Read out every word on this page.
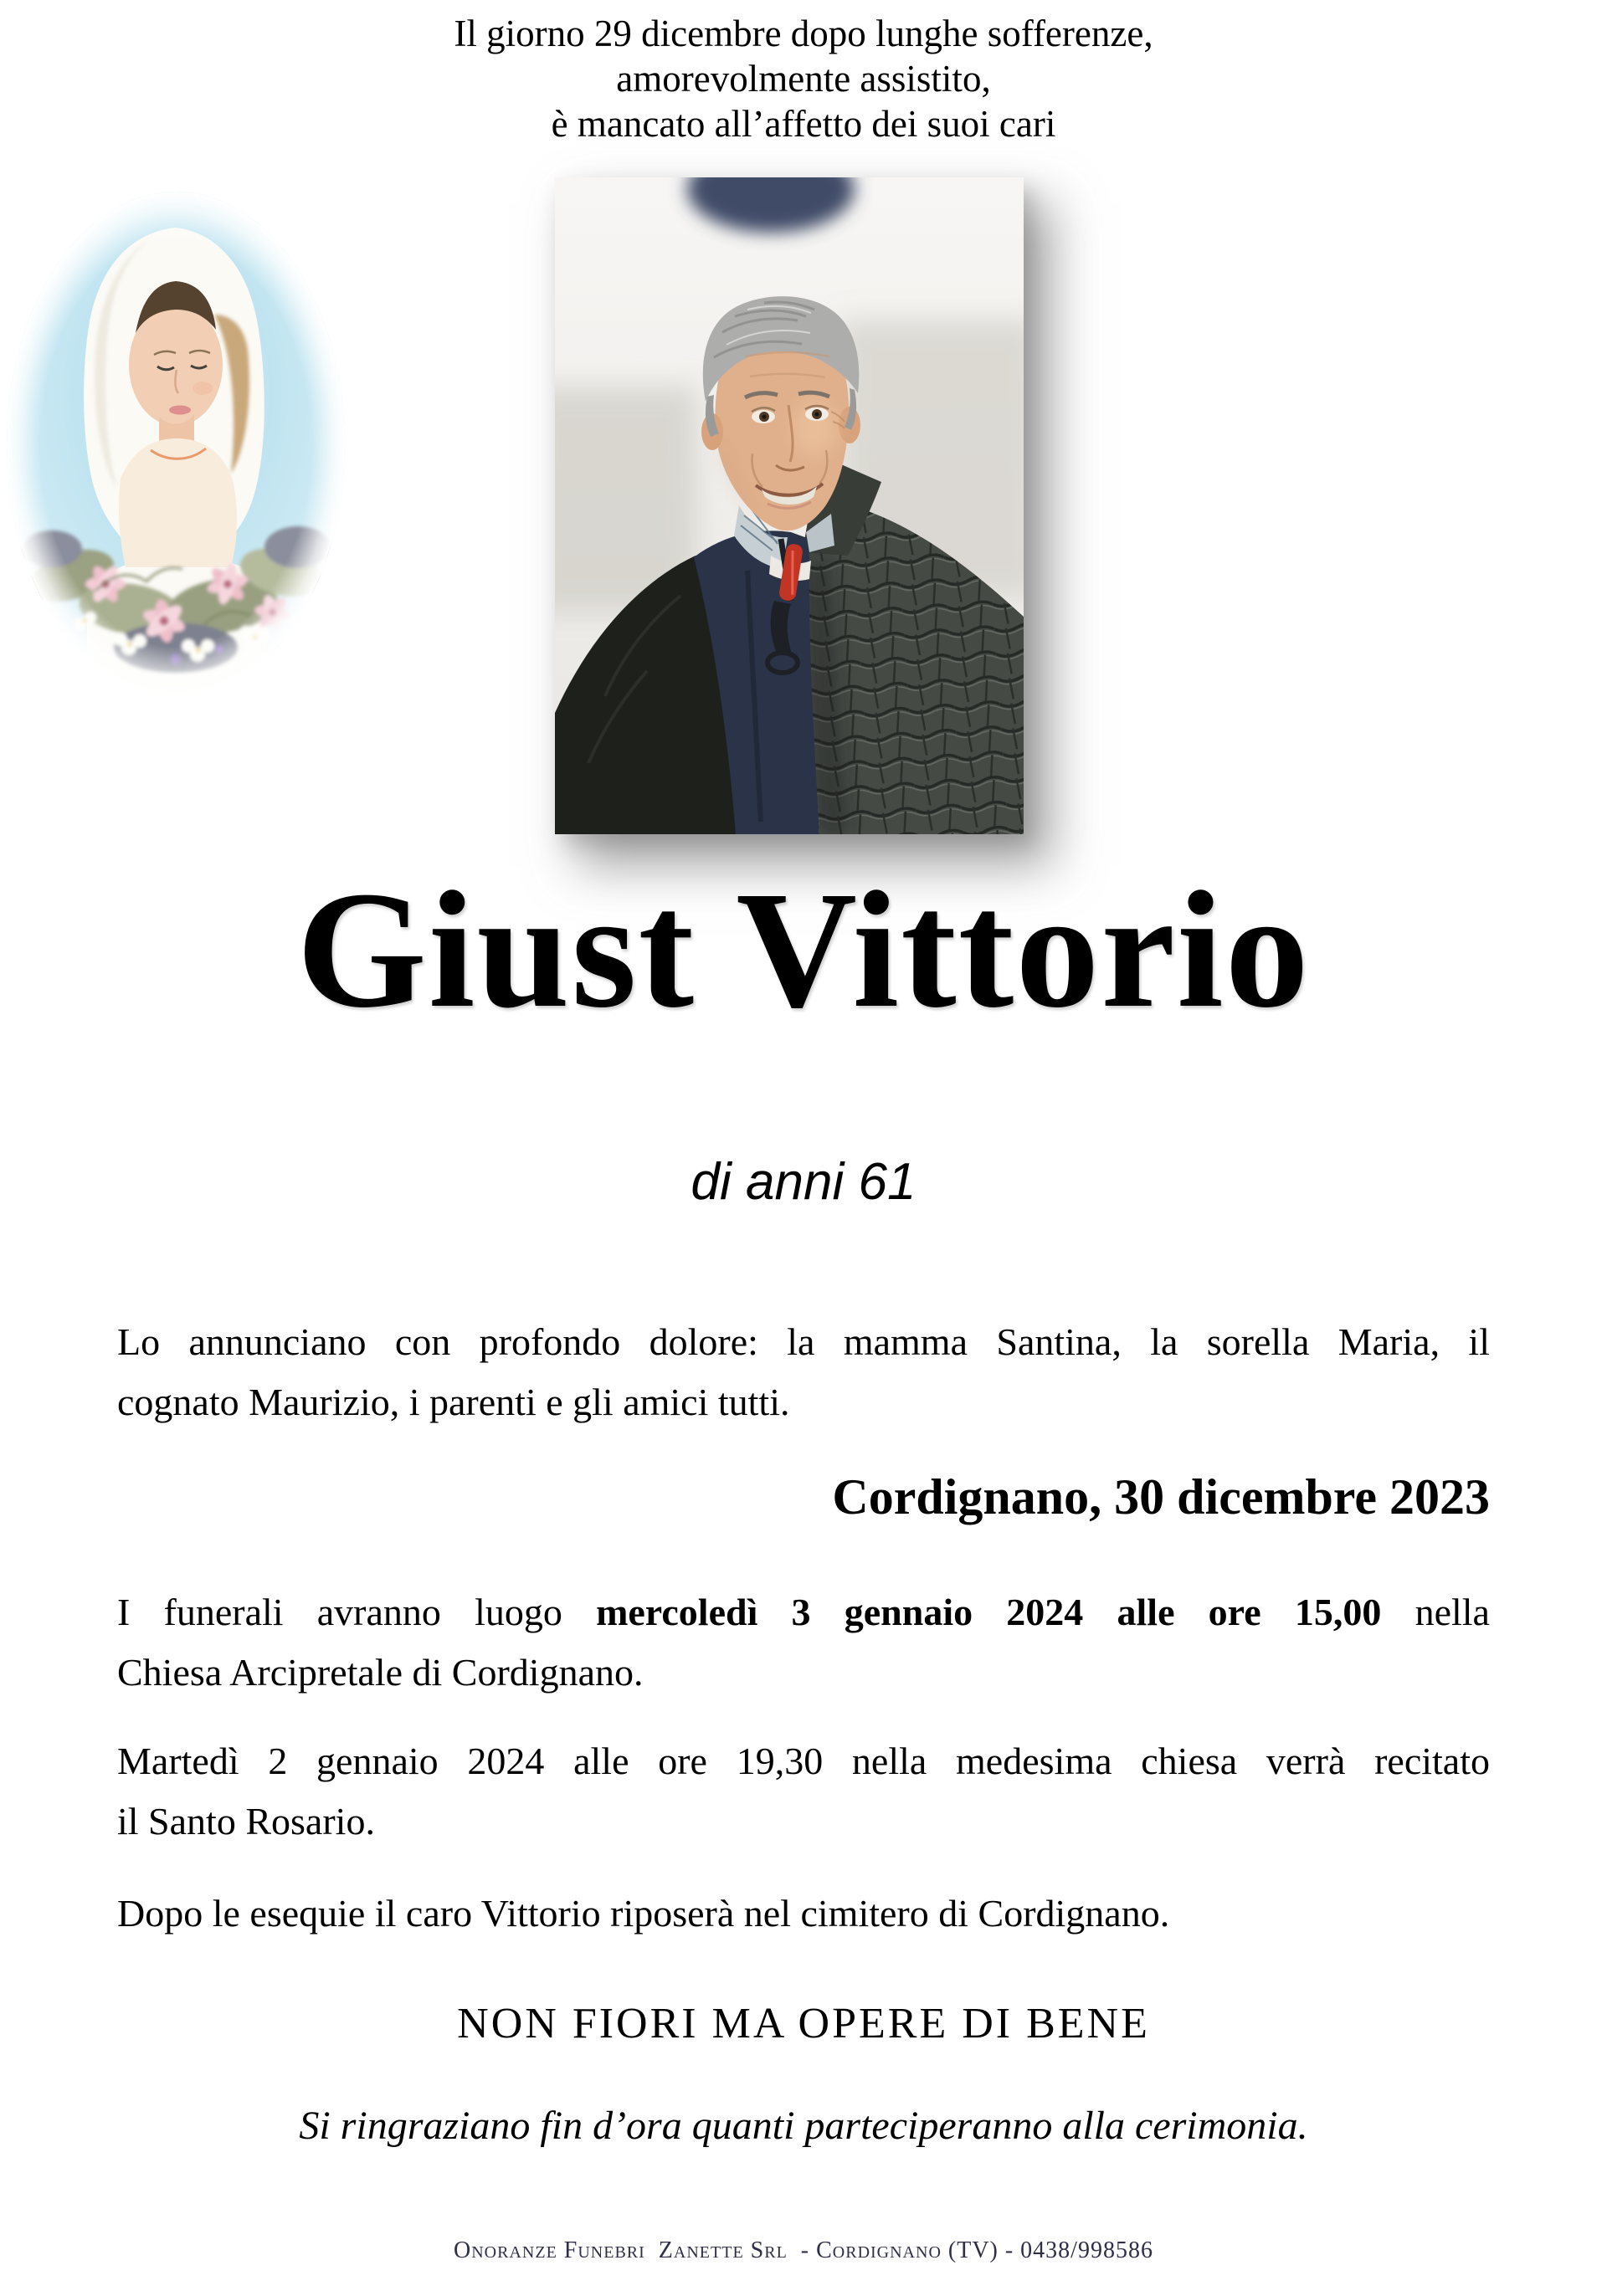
Il giorno 29 dicembre dopo lunghe sofferenze,
amorevolmente assistito,
è mancato all’affetto dei suoi cari
Giust Vittorio
di anni 61

Lo annunciano con profondo dolore: la mamma Santina, la sorella Maria, il
cognato Maurizio, i parenti e gli amici tutti.

Cordignano, 30 dicembre 2023

I funerali avranno luogo mercoledì 3 gennaio 2024 alle ore 15,00 nella
Chiesa Arcipretale di Cordignano.

Martedì 2 gennaio 2024 alle ore 19,30 nella medesima chiesa verrà recitato
il Santo Rosario.

Dopo le esequie il caro Vittorio riposerà nel cimitero di Cordignano.

NON FIORI MA OPERE DI BENE
Si ringraziano fin d’ora quanti parteciperanno alla cerimonia.
Onoranze Funebri  Zanette Srl  - Cordignano (TV) - 0438/998586
